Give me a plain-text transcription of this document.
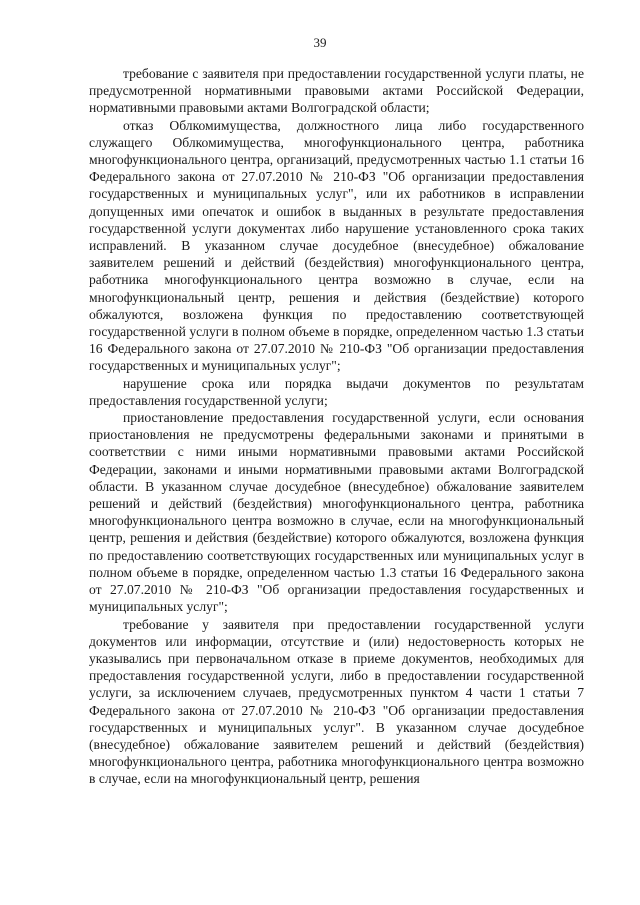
39

требование с заявителя при предоставлении государственной услуги платы, не предусмотренной нормативными правовыми актами Российской Федерации, нормативными правовыми актами Волгоградской области;

отказ Облкомимущества, должностного лица либо государственного служащего Облкомимущества, многофункционального центра, работника многофункционального центра, организаций, предусмотренных частью 1.1 статьи 16 Федерального закона от 27.07.2010 № 210-ФЗ "Об организации предоставления государственных и муниципальных услуг", или их работников в исправлении допущенных ими опечаток и ошибок в выданных в результате предоставления государственной услуги документах либо нарушение установленного срока таких исправлений. В указанном случае досудебное (внесудебное) обжалование заявителем решений и действий (бездействия) многофункционального центра, работника многофункционального центра возможно в случае, если на многофункциональный центр, решения и действия (бездействие) которого обжалуются, возложена функция по предоставлению соответствующей государственной услуги в полном объеме в порядке, определенном частью 1.3 статьи 16 Федерального закона от 27.07.2010 № 210-ФЗ "Об организации предоставления государственных и муниципальных услуг";

нарушение срока или порядка выдачи документов по результатам предоставления государственной услуги;

приостановление предоставления государственной услуги, если основания приостановления не предусмотрены федеральными законами и принятыми в соответствии с ними иными нормативными правовыми актами Российской Федерации, законами и иными нормативными правовыми актами Волгоградской области. В указанном случае досудебное (внесудебное) обжалование заявителем решений и действий (бездействия) многофункционального центра, работника многофункционального центра возможно в случае, если на многофункциональный центр, решения и действия (бездействие) которого обжалуются, возложена функция по предоставлению соответствующих государственных или муниципальных услуг в полном объеме в порядке, определенном частью 1.3 статьи 16 Федерального закона от 27.07.2010 № 210-ФЗ "Об организации предоставления государственных и муниципальных услуг";

требование у заявителя при предоставлении государственной услуги документов или информации, отсутствие и (или) недостоверность которых не указывались при первоначальном отказе в приеме документов, необходимых для предоставления государственной услуги, либо в предоставлении государственной услуги, за исключением случаев, предусмотренных пунктом 4 части 1 статьи 7 Федерального закона от 27.07.2010 № 210-ФЗ "Об организации предоставления государственных и муниципальных услуг". В указанном случае досудебное (внесудебное) обжалование заявителем решений и действий (бездействия) многофункционального центра, работника многофункционального центра возможно в случае, если на многофункциональный центр, решения
